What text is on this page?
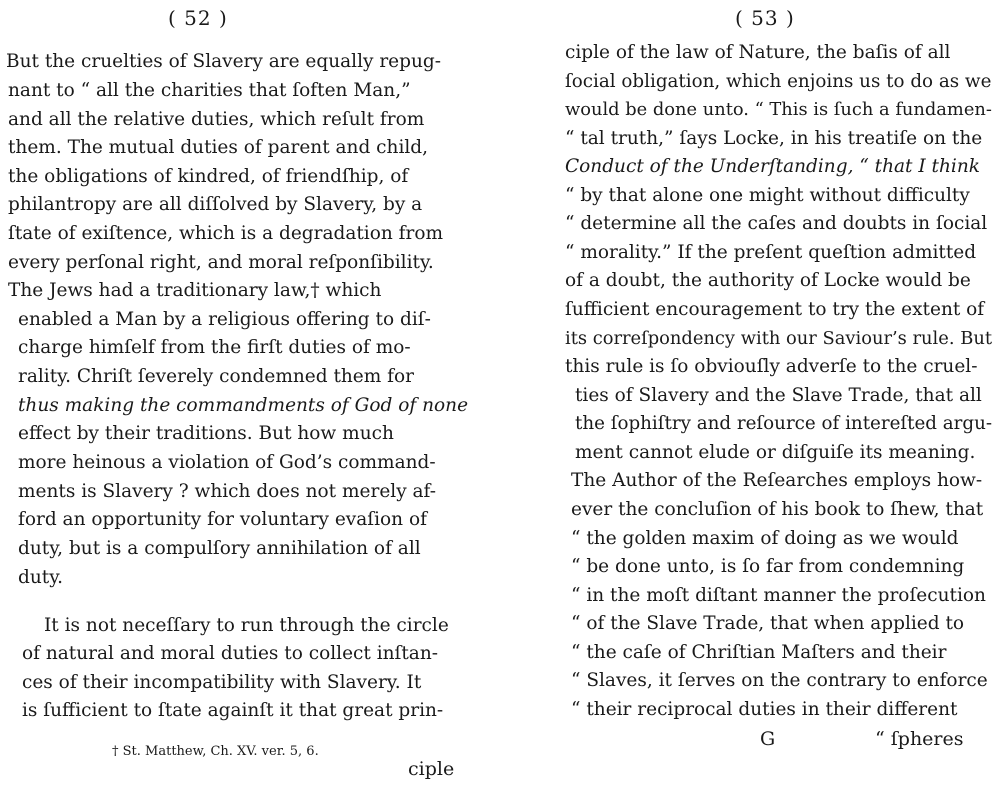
( 52 )
But the cruelties of Slavery are equally repug-
nant to “ all the charities that ſoften Man,”
and all the relative duties, which reſult from
them. The mutual duties of parent and child,
the obligations of kindred, of friendſhip, of
philantropy are all diſſolved by Slavery, by a
ſtate of exiſtence, which is a degradation from
every perſonal right, and moral reſponſibility.
The Jews had a traditionary law,† which
enabled a Man by a religious offering to diſ-
charge himſelf from the firſt duties of mo-
rality. Chriſt ſeverely condemned them for
thus making the commandments of God of none
effect by their traditions. But how much
more heinous a violation of God’s command-
ments is Slavery ? which does not merely af-
ford an opportunity for voluntary evaſion of
duty, but is a compulſory annihilation of all
duty.
It is not neceſſary to run through the circle
of natural and moral duties to collect inſtan-
ces of their incompatibility with Slavery. It
is ſufficient to ſtate againſt it that great prin-
† St. Matthew, Ch. XV. ver. 5, 6.
ciple
( 53 )
ciple of the law of Nature, the baſis of all
ſocial obligation, which enjoins us to do as we
would be done unto. “ This is ſuch a fundamen-
“ tal truth,” ſays Locke, in his treatiſe on the
Conduct of the Underſtanding, “ that I think
“ by that alone one might without difficulty
“ determine all the caſes and doubts in ſocial
“ morality.” If the preſent queſtion admitted
of a doubt, the authority of Locke would be
ſufficient encouragement to try the extent of
its correſpondency with our Saviour’s rule. But
this rule is ſo obviouſly adverſe to the cruel-
ties of Slavery and the Slave Trade, that all
the ſophiſtry and reſource of intereſted argu-
ment cannot elude or diſguiſe its meaning.
The Author of the Reſearches employs how-
ever the concluſion of his book to ſhew, that
“ the golden maxim of doing as we would
“ be done unto, is ſo far from condemning
“ in the moſt diſtant manner the proſecution
“ of the Slave Trade, that when applied to
“ the caſe of Chriſtian Maſters and their
“ Slaves, it ſerves on the contrary to enforce
“ their reciprocal duties in their different
G	“ ſpheres
